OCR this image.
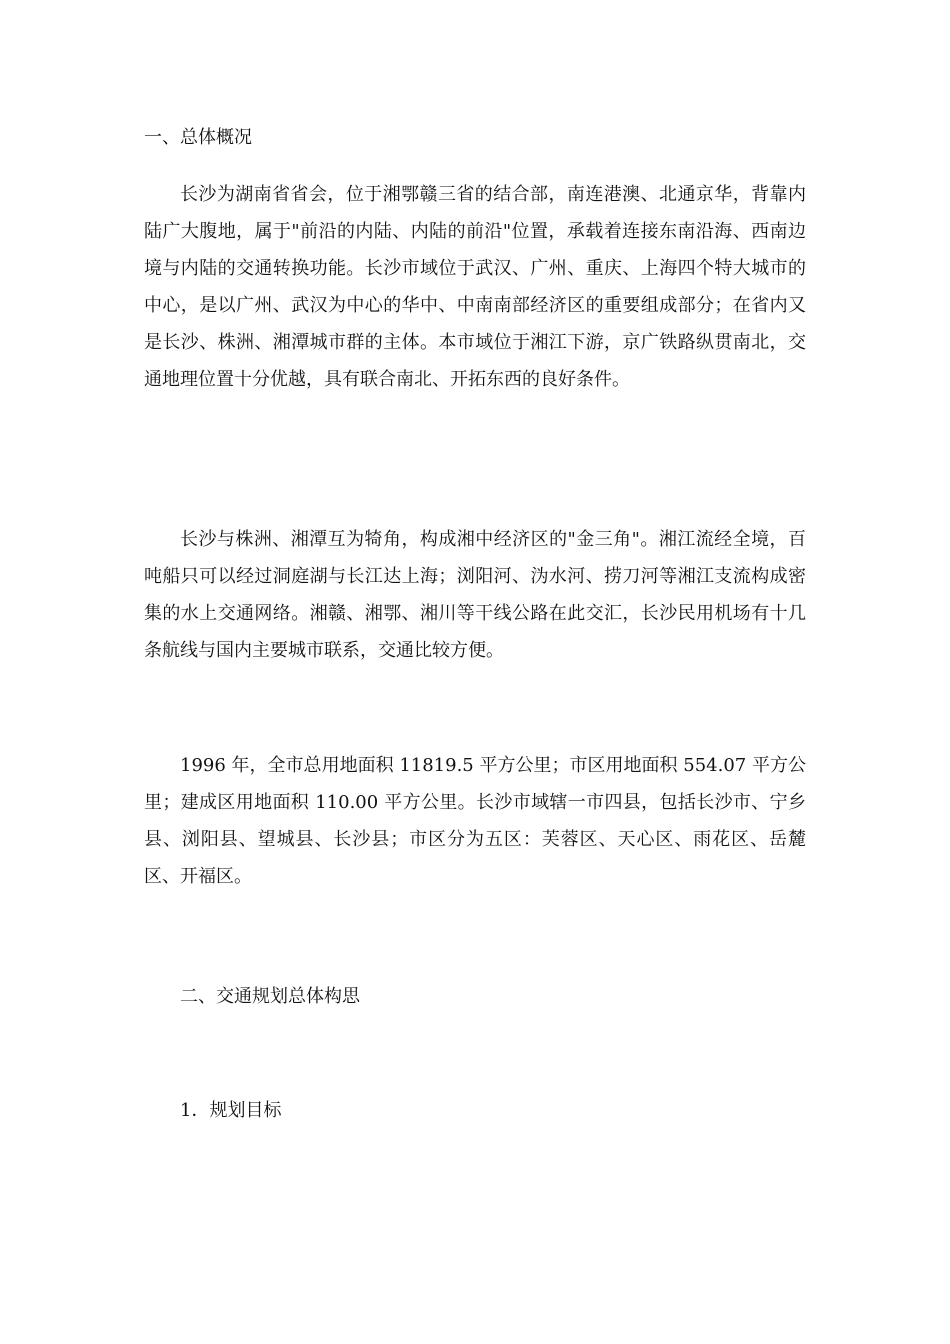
一、总体概况

长沙为湖南省省会，位于湘鄂赣三省的结合部，南连港澳、北通京华，背靠内陆广大腹地，属于"前沿的内陆、内陆的前沿"位置，承载着连接东南沿海、西南边境与内陆的交通转换功能。长沙市域位于武汉、广州、重庆、上海四个特大城市的中心，是以广州、武汉为中心的华中、中南南部经济区的重要组成部分；在省内又是长沙、株洲、湘潭城市群的主体。本市域位于湘江下游，京广铁路纵贯南北，交通地理位置十分优越，具有联合南北、开拓东西的良好条件。

长沙与株洲、湘潭互为犄角，构成湘中经济区的"金三角"。湘江流经全境，百吨船只可以经过洞庭湖与长江达上海；浏阳河、沩水河、捞刀河等湘江支流构成密集的水上交通网络。湘赣、湘鄂、湘川等干线公路在此交汇，长沙民用机场有十几条航线与国内主要城市联系，交通比较方便。

1996 年，全市总用地面积 11819.5 平方公里；市区用地面积 554.07 平方公里；建成区用地面积 110.00 平方公里。长沙市域辖一市四县，包括长沙市、宁乡县、浏阳县、望城县、长沙县；市区分为五区：芙蓉区、天心区、雨花区、岳麓区、开福区。

二、交通规划总体构思
1．规划目标
